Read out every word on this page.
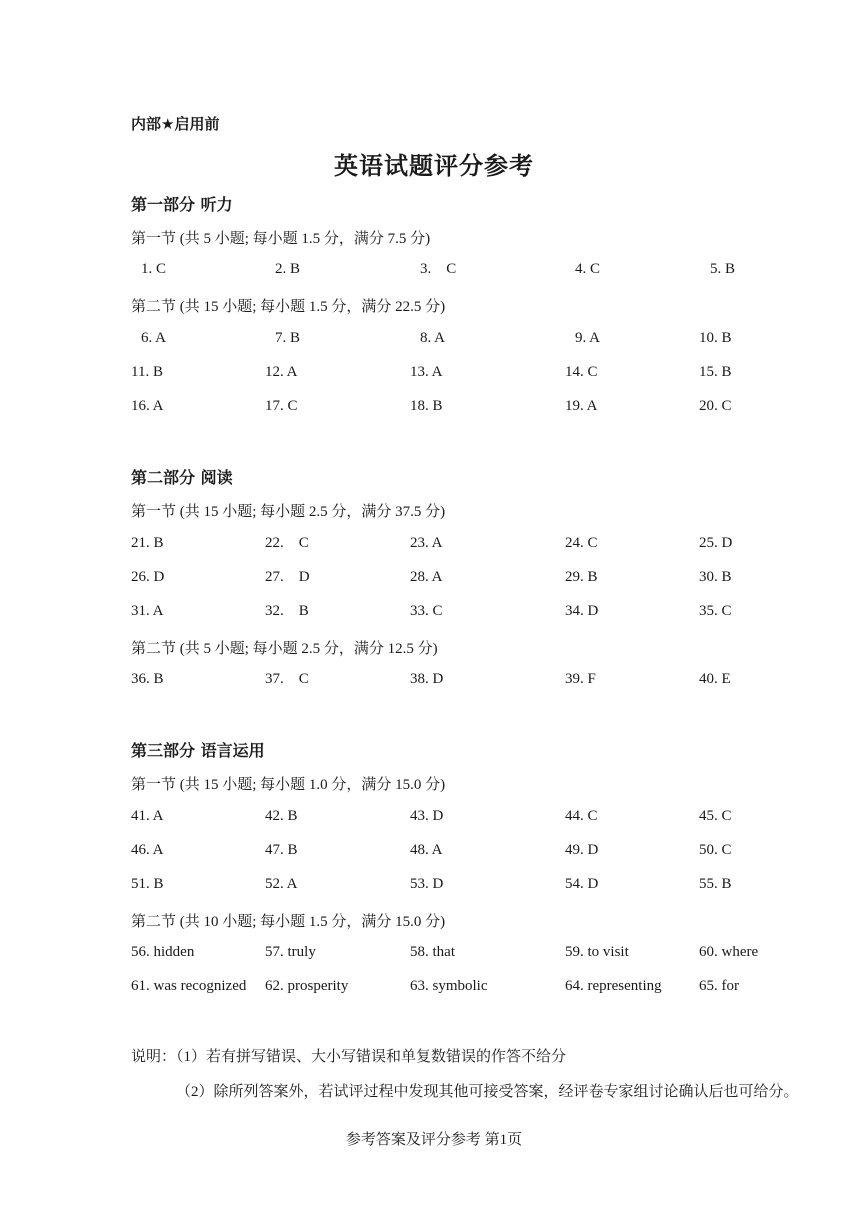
内部★启用前
英语试题评分参考
第一部分 听力
第一节 (共 5 小题; 每小题 1.5 分，满分 7.5 分)
1. C	2. B	3.    C	4. C	5. B
第二节 (共 15 小题; 每小题 1.5 分，满分 22.5 分)
6. A	7. B	8. A	9. A	10. B
11. B	12. A	13. A	14. C	15. B
16. A	17. C	18. B	19. A	20. C
第二部分 阅读
第一节 (共 15 小题; 每小题 2.5 分，满分 37.5 分)
21. B	22.    C	23. A	24. C	25. D
26. D	27.    D	28. A	29. B	30. B
31. A	32.    B	33. C	34. D	35. C
第二节 (共 5 小题; 每小题 2.5 分，满分 12.5 分)
36. B	37.    C	38. D	39. F	40. E
第三部分 语言运用
第一节 (共 15 小题; 每小题 1.0 分，满分 15.0 分)
41. A	42. B	43. D	44. C	45. C
46. A	47. B	48. A	49. D	50. C
51. B	52. A	53. D	54. D	55. B
第二节 (共 10 小题; 每小题 1.5 分，满分 15.0 分)
56. hidden	57. truly	58. that	59. to visit	60. where
61. was recognized 62. prosperity	63. symbolic	64. representing 65. for
说明：（1）若有拼写错误、大小写错误和单复数错误的作答不给分
（2）除所列答案外，若试评过程中发现其他可接受答案，经评卷专家组讨论确认后也可给分。
参考答案及评分参考 第1页
